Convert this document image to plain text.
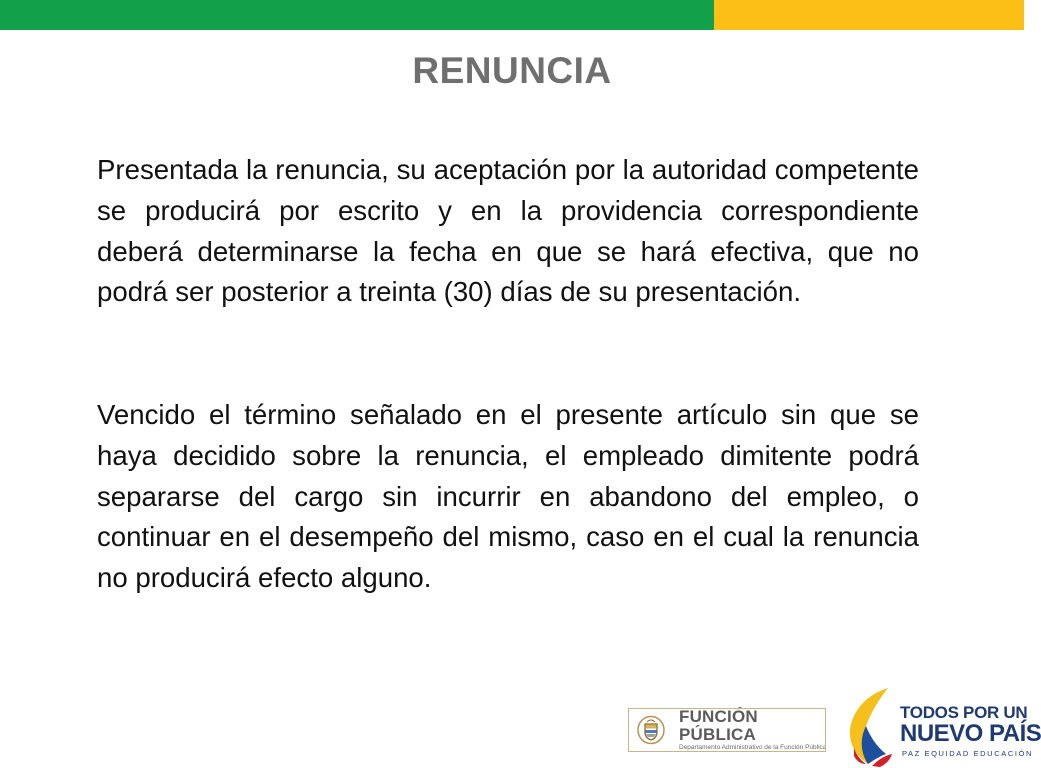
RENUNCIA

Presentada la renuncia, su aceptación por la autoridad competente se producirá por escrito y en la providencia correspondiente deberá determinarse la fecha en que se hará efectiva, que no podrá ser posterior a treinta (30) días de su presentación.

Vencido el término señalado en el presente artículo sin que se haya decidido sobre la renuncia, el empleado dimitente podrá separarse del cargo sin incurrir en abandono del empleo, o continuar en el desempeño del mismo, caso en el cual la renuncia no producirá efecto alguno.

FUNCIÓN PÚBLICA
Departamento Administrativo de la Función Pública
TODOS POR UN
NUEVO PAÍS
PAZ EQUIDAD EDUCACIÓN
